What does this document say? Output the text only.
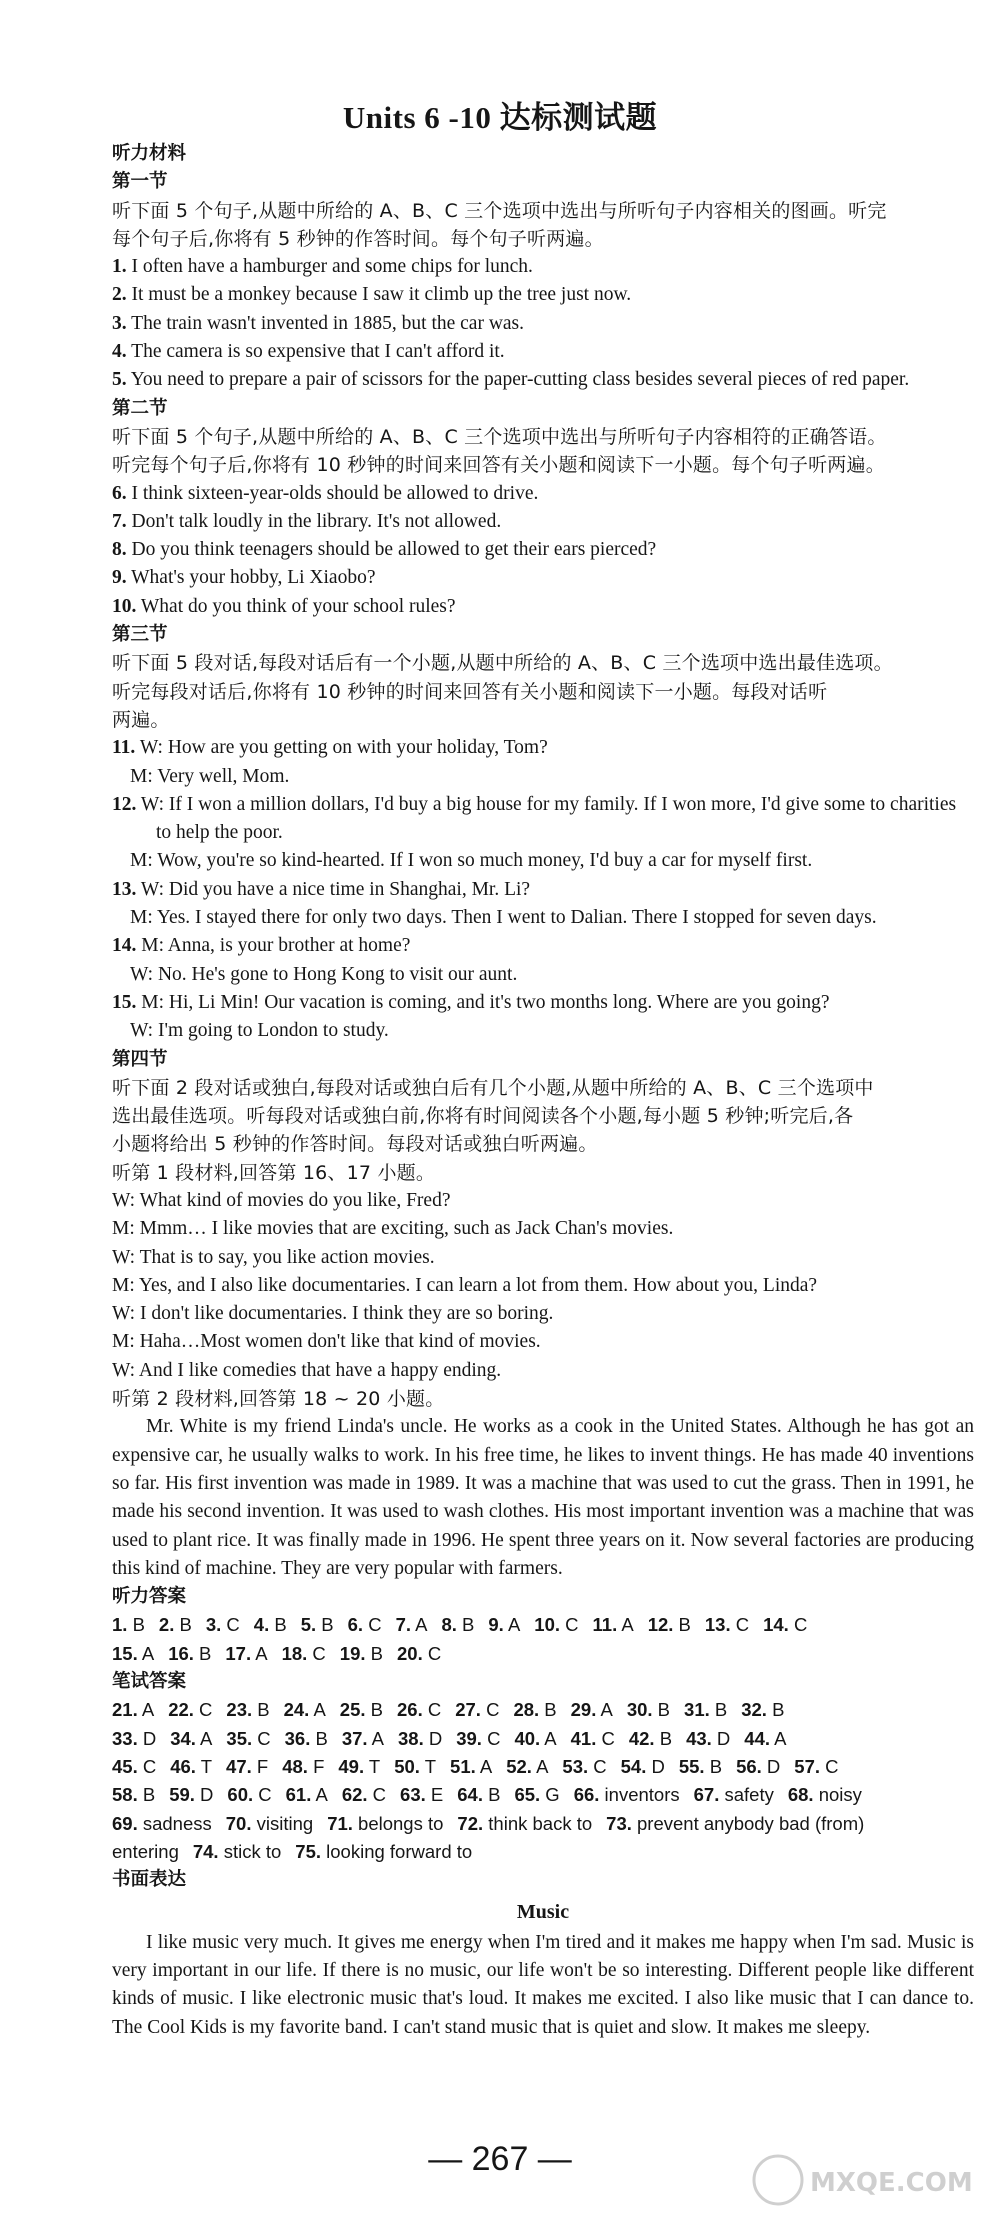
Units 6 -10 达标测试题
听力材料
第一节
听下面 5 个句子,从题中所给的 A、B、C 三个选项中选出与所听句子内容相关的图画。听完
每个句子后,你将有 5 秒钟的作答时间。每个句子听两遍。
1. I often have a hamburger and some chips for lunch.
2. It must be a monkey because I saw it climb up the tree just now.
3. The train wasn't invented in 1885, but the car was.
4. The camera is so expensive that I can't afford it.
5. You need to prepare a pair of scissors for the paper-cutting class besides several pieces of red paper.
第二节
听下面 5 个句子,从题中所给的 A、B、C 三个选项中选出与所听句子内容相符的正确答语。
听完每个句子后,你将有 10 秒钟的时间来回答有关小题和阅读下一小题。每个句子听两遍。
6. I think sixteen-year-olds should be allowed to drive.
7. Don't talk loudly in the library. It's not allowed.
8. Do you think teenagers should be allowed to get their ears pierced?
9. What's your hobby, Li Xiaobo?
10. What do you think of your school rules?
第三节
听下面 5 段对话,每段对话后有一个小题,从题中所给的 A、B、C 三个选项中选出最佳选项。
听完每段对话后,你将有 10 秒钟的时间来回答有关小题和阅读下一小题。每段对话听
两遍。
11. W: How are you getting on with your holiday, Tom?
M: Very well, Mom.
12. W: If I won a million dollars, I'd buy a big house for my family. If I won more, I'd give some to charities to help the poor.
M: Wow, you're so kind-hearted. If I won so much money, I'd buy a car for myself first.
13. W: Did you have a nice time in Shanghai, Mr. Li?
M: Yes. I stayed there for only two days. Then I went to Dalian. There I stopped for seven days.
14. M: Anna, is your brother at home?
W: No. He's gone to Hong Kong to visit our aunt.
15. M: Hi, Li Min! Our vacation is coming, and it's two months long. Where are you going?
W: I'm going to London to study.
第四节
听下面 2 段对话或独白,每段对话或独白后有几个小题,从题中所给的 A、B、C 三个选项中
选出最佳选项。听每段对话或独白前,你将有时间阅读各个小题,每小题 5 秒钟;听完后,各
小题将给出 5 秒钟的作答时间。每段对话或独白听两遍。
听第 1 段材料,回答第 16、17 小题。
W: What kind of movies do you like, Fred?
M: Mmm… I like movies that are exciting, such as Jack Chan's movies.
W: That is to say, you like action movies.
M: Yes, and I also like documentaries. I can learn a lot from them. How about you, Linda?
W: I don't like documentaries. I think they are so boring.
M: Haha…Most women don't like that kind of movies.
W: And I like comedies that have a happy ending.
听第 2 段材料,回答第 18 ~ 20 小题。
Mr. White is my friend Linda's uncle. He works as a cook in the United States. Although he has got an expensive car, he usually walks to work. In his free time, he likes to invent things. He has made 40 inventions so far. His first invention was made in 1989. It was a machine that was used to cut the grass. Then in 1991, he made his second invention. It was used to wash clothes. His most important invention was a machine that was used to plant rice. It was finally made in 1996. He spent three years on it. Now several factories are producing this kind of machine. They are very popular with farmers.
听力答案
1. B 2. B 3. C 4. B 5. B 6. C 7. A 8. B 9. A 10. C 11. A 12. B 13. C 14. C
15. A 16. B 17. A 18. C 19. B 20. C
笔试答案
21. A 22. C 23. B 24. A 25. B 26. C 27. C 28. B 29. A 30. B 31. B 32. B
33. D 34. A 35. C 36. B 37. A 38. D 39. C 40. A 41. C 42. B 43. D 44. A
45. C 46. T 47. F 48. F 49. T 50. T 51. A 52. A 53. C 54. D 55. B 56. D 57. C
58. B 59. D 60. C 61. A 62. C 63. E 64. B 65. G 66. inventors 67. safety 68. noisy
69. sadness 70. visiting 71. belongs to 72. think back to 73. prevent anybody bad (from)
entering 74. stick to 75. looking forward to
书面表达
Music
I like music very much. It gives me energy when I'm tired and it makes me happy when I'm sad. Music is very important in our life. If there is no music, our life won't be so interesting. Different people like different kinds of music. I like electronic music that's loud. It makes me excited. I also like music that I can dance to. The Cool Kids is my favorite band. I can't stand music that is quiet and slow. It makes me sleepy.
— 267 —
MXQE.COM
